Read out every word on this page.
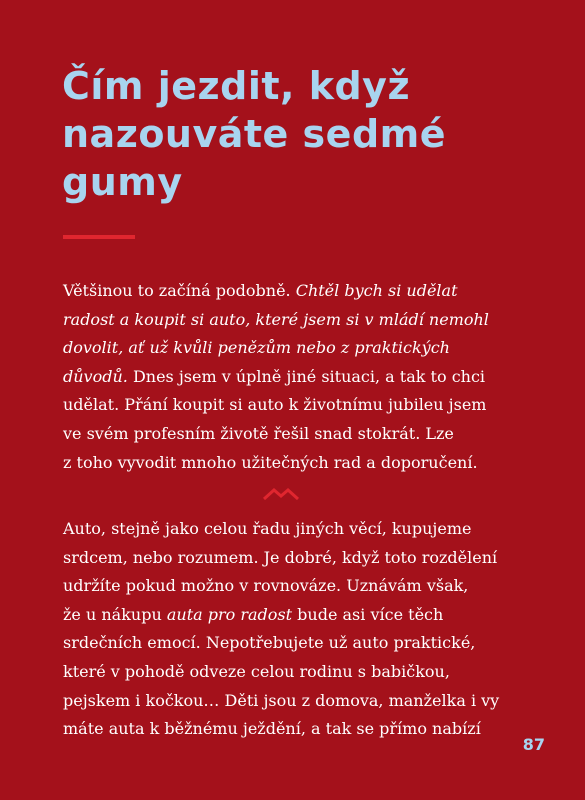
Čím jezdit, když
nazouváte sedmé
gumy
Většinou to začíná podobně. Chtěl bych si udělat
radost a koupit si auto, které jsem si v mládí nemohl
dovolit, ať už kvůli penězům nebo z praktických
důvodů. Dnes jsem v úplně jiné situaci, a tak to chci
udělat. Přání koupit si auto k životnímu jubileu jsem
ve svém profesním životě řešil snad stokrát. Lze
z toho vyvodit mnoho užitečných rad a doporučení.
Auto, stejně jako celou řadu jiných věcí, kupujeme
srdcem, nebo rozumem. Je dobré, když toto rozdělení
udržíte pokud možno v rovnováze. Uznávám však,
že u nákupu auta pro radost bude asi více těch
srdečních emocí. Nepotřebujete už auto praktické,
které v pohodě odveze celou rodinu s babičkou,
pejskem i kočkou… Děti jsou z domova, manželka i vy
máte auta k běžnému ježdění, a tak se přímo nabízí
87
